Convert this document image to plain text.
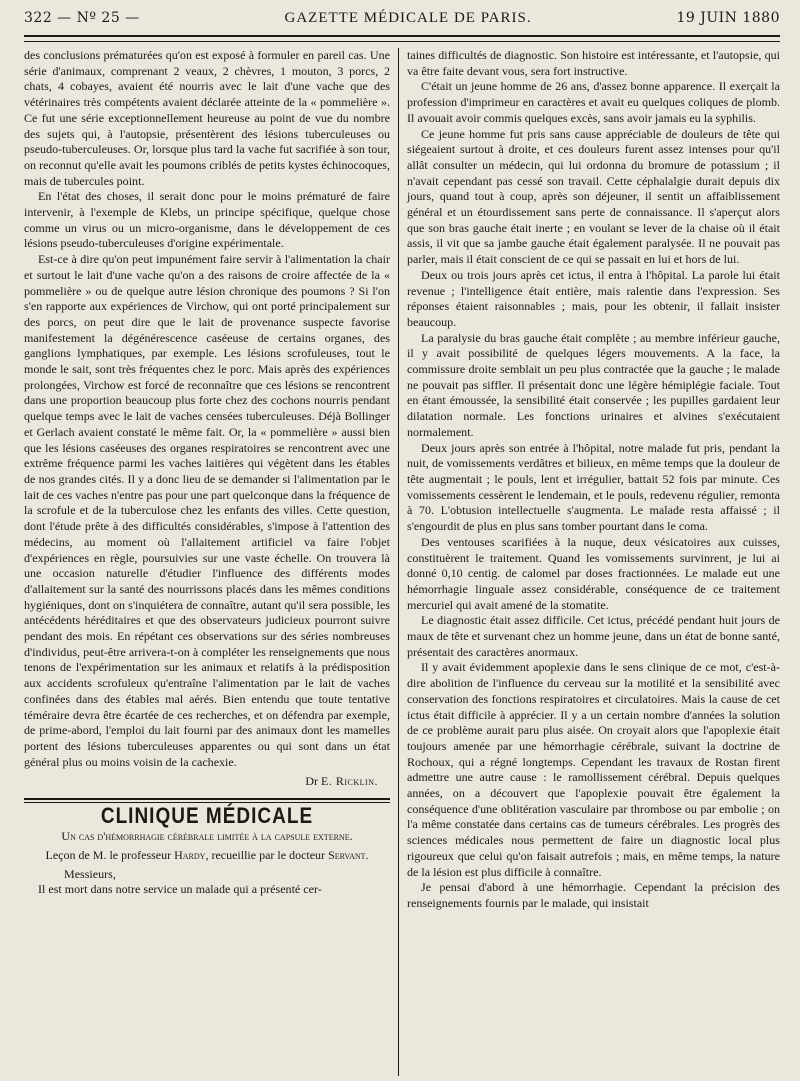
322 — Nº 25 —	GAZETTE MÉDICALE DE PARIS.	19 JUIN 1880

des conclusions prématurées qu'on est exposé à formuler en pareil cas. Une série d'animaux, comprenant 2 veaux, 2 chèvres, 1 mouton, 3 porcs, 2 chats, 4 cobayes, avaient été nourris avec le lait d'une vache que des vétérinaires très compétents avaient déclarée atteinte de la « pommelière ». Ce fut une série exceptionnellement heureuse au point de vue du nombre des sujets qui, à l'autopsie, présentèrent des lésions tuberculeuses ou pseudo-tuberculeuses. Or, lorsque plus tard la vache fut sacrifiée à son tour, on reconnut qu'elle avait les poumons criblés de petits kystes échinocoques, mais de tubercules point.

En l'état des choses, il serait donc pour le moins prématuré de faire intervenir, à l'exemple de Klebs, un principe spécifique, quelque chose comme un virus ou un micro-organisme, dans le développement de ces lésions pseudo-tuberculeuses d'origine expérimentale.

Est-ce à dire qu'on peut impunément faire servir à l'alimentation la chair et surtout le lait d'une vache qu'on a des raisons de croire affectée de la « pommelière » ou de quelque autre lésion chronique des poumons ? Si l'on s'en rapporte aux expériences de Virchow, qui ont porté principalement sur des porcs, on peut dire que le lait de provenance suspecte favorise manifestement la dégénérescence caséeuse de certains organes, des ganglions lymphatiques, par exemple. Les lésions scrofuleuses, tout le monde le sait, sont très fréquentes chez le porc. Mais après des expériences prolongées, Virchow est forcé de reconnaître que ces lésions se rencontrent dans une proportion beaucoup plus forte chez des cochons nourris pendant quelque temps avec le lait de vaches censées tuberculeuses. Déjà Bollinger et Gerlach avaient constaté le même fait. Or, la « pommelière » aussi bien que les lésions caséeuses des organes respiratoires se rencontrent avec une extrême fréquence parmi les vaches laitières qui végètent dans les étables de nos grandes cités. Il y a donc lieu de se demander si l'alimentation par le lait de ces vaches n'entre pas pour une part quelconque dans la fréquence de la scrofule et de la tuberculose chez les enfants des villes. Cette question, dont l'étude prête à des difficultés considérables, s'impose à l'attention des médecins, au moment où l'allaitement artificiel va faire l'objet d'expériences en règle, poursuivies sur une vaste échelle. On trouvera là une occasion naturelle d'étudier l'influence des différents modes d'allaitement sur la santé des nourrissons placés dans les mêmes conditions hygiéniques, dont on s'inquiétera de connaître, autant qu'il sera possible, les antécédents héréditaires et que des observateurs judicieux pourront suivre pendant des mois. En répétant ces observations sur des séries nombreuses d'individus, peut-être arrivera-t-on à compléter les renseignements que nous tenons de l'expérimentation sur les animaux et relatifs à la prédisposition aux accidents scrofuleux qu'entraîne l'alimentation par le lait de vaches confinées dans des étables mal aérés. Bien entendu que toute tentative téméraire devra être écartée de ces recherches, et on défendra par exemple, de prime-abord, l'emploi du lait fourni par des animaux dont les mamelles portent des lésions tuberculeuses apparentes ou qui sont dans un état général plus ou moins voisin de la cachexie.

Dr E. Ricklin.
CLINIQUE MÉDICALE
Un cas d'hémorrhagie cérébrale limitée à la capsule externe.
Leçon de M. le professeur Hardy, recueillie par le docteur Servant.

Messieurs,

Il est mort dans notre service un malade qui a présenté cer-

taines difficultés de diagnostic. Son histoire est intéressante, et l'autopsie, qui va être faite devant vous, sera fort instructive.

C'était un jeune homme de 26 ans, d'assez bonne apparence. Il exerçait la profession d'imprimeur en caractères et avait eu quelques coliques de plomb. Il avouait avoir commis quelques excès, sans avoir jamais eu la syphilis.

Ce jeune homme fut pris sans cause appréciable de douleurs de tête qui siégeaient surtout à droite, et ces douleurs furent assez intenses pour qu'il allât consulter un médecin, qui lui ordonna du bromure de potassium ; il n'avait cependant pas cessé son travail. Cette céphalalgie durait depuis dix jours, quand tout à coup, après son déjeuner, il sentit un affaiblissement général et un étourdissement sans perte de connaissance. Il s'aperçut alors que son bras gauche était inerte ; en voulant se lever de la chaise où il était assis, il vit que sa jambe gauche était également paralysée. Il ne pouvait pas parler, mais il était conscient de ce qui se passait en lui et hors de lui.

Deux ou trois jours après cet ictus, il entra à l'hôpital. La parole lui était revenue ; l'intelligence était entière, mais ralentie dans l'expression. Ses réponses étaient raisonnables ; mais, pour les obtenir, il fallait insister beaucoup.

La paralysie du bras gauche était complète ; au membre inférieur gauche, il y avait possibilité de quelques légers mouvements. A la face, la commissure droite semblait un peu plus contractée que la gauche ; le malade ne pouvait pas siffler. Il présentait donc une légère hémiplégie faciale. Tout en étant émoussée, la sensibilité était conservée ; les pupilles gardaient leur dilatation normale. Les fonctions urinaires et alvines s'exécutaient normalement.

Deux jours après son entrée à l'hôpital, notre malade fut pris, pendant la nuit, de vomissements verdâtres et bilieux, en même temps que la douleur de tête augmentait ; le pouls, lent et irrégulier, battait 52 fois par minute. Ces vomissements cessèrent le lendemain, et le pouls, redevenu régulier, remonta à 70. L'obtusion intellectuelle s'augmenta. Le malade resta affaissé ; il s'engourdit de plus en plus sans tomber pourtant dans le coma.

Des ventouses scarifiées à la nuque, deux vésicatoires aux cuisses, constituèrent le traitement. Quand les vomissements survinrent, je lui ai donné 0,10 centig. de calomel par doses fractionnées. Le malade eut une hémorrhagie linguale assez considérable, conséquence de ce traitement mercuriel qui avait amené de la stomatite.

Le diagnostic était assez difficile. Cet ictus, précédé pendant huit jours de maux de tête et survenant chez un homme jeune, dans un état de bonne santé, présentait des caractères anormaux.

Il y avait évidemment apoplexie dans le sens clinique de ce mot, c'est-à-dire abolition de l'influence du cerveau sur la motilité et la sensibilité avec conservation des fonctions respiratoires et circulatoires. Mais la cause de cet ictus était difficile à apprécier. Il y a un certain nombre d'années la solution de ce problème aurait paru plus aisée. On croyait alors que l'apoplexie était toujours amenée par une hémorrhagie cérébrale, suivant la doctrine de Rochoux, qui a régné longtemps. Cependant les travaux de Rostan firent admettre une autre cause : le ramollissement cérébral. Depuis quelques années, on a découvert que l'apoplexie pouvait être également la conséquence d'une oblitération vasculaire par thrombose ou par embolie ; on l'a même constatée dans certains cas de tumeurs cérébrales. Les progrès des sciences médicales nous permettent de faire un diagnostic local plus rigoureux que celui qu'on faisait autrefois ; mais, en même temps, la nature de la lésion est plus difficile à connaître.

Je pensai d'abord à une hémorrhagie. Cependant la précision des renseignements fournis par le malade, qui insistait
